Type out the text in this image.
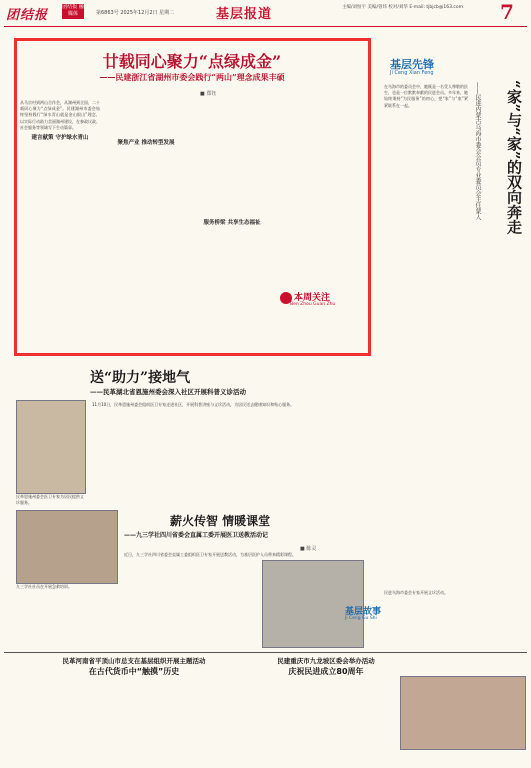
团结报
团结报 融媒体	第6863号 2025年12月2日 星期二	基层报道	主编/刘恒宇 美编/曾炜 校对/刘华 E-mail: tjbjcb@163.com	7
廿载同心聚力“点绿成金”
——民建浙江省湖州市委会践行“两山”理念成果丰硕
■ 郑钰
从马宗村到两山合作会，从湖州到全国，二十载同心聚力“点绿成金”。民建湖州市委会始终坚持践行“绿水青山就是金山银山”理念，以实际行动助力美丽湖州建设，在参政议政、社会服务等领域写下生动篇章。
建言献策 守护绿水青山
聚焦产业 推动转型发展
服务桥梁 共享生态福祉
本周关注
Ben Zhou Guan Zhu
基层先锋
Ji Ceng Xian Feng
“家”与“家”的双向奔走
——民进内蒙古乌海市委会会员专业委员会主任蒙人
在乌海市的委员会中，她既是一名受人尊敬的医生，也是一位默默奉献的民进会员。多年来，她始终秉持“为民服务”的初心，把“家”与“家”紧紧联系在一起。
民进乌海市委会专家开展义诊活动。
送“助力”接地气
——民革湖北省恩施州委会深入社区开展科普义诊活动
民革恩施州委会医卫专家为居民提供义诊服务。
11月10日，民革恩施州委会组织医卫专家走进社区，开展科普讲座与义诊活动，为居民送去健康知识和贴心服务。
薪火传智 情暖课堂
——九三学社四川省委会直属工委开展医卫送教活动记
■ 陈灵
九三学社社员在开展急救培训。
近日，九三学社四川省委会直属工委组织医卫专家开展送教活动，为基层医护人员带来精彩课程。
基层故事
Ji Ceng Gu Shi
民革河南省平顶山市总支在基层组织开展主题活动
在古代货币中“触摸”历史
民建重庆市九龙坡区委会举办活动
庆祝民进成立80周年
